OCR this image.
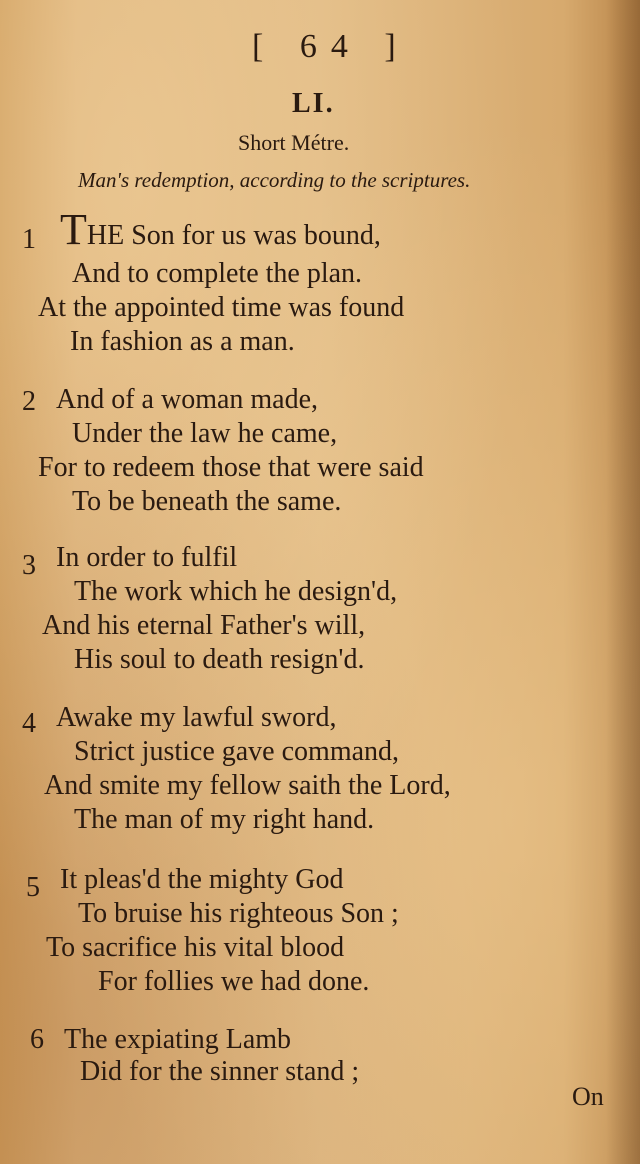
[ 64 ]
LI.
Short Métre.
Man's redemption, according to the scriptures.
1 THE Son for us was bound,
And to complete the plan.
At the appointed time was found
In fashion as a man.
2 And of a woman made,
Under the law he came,
For to redeem those that were said
To be beneath the same.
3 In order to fulfil
The work which he design'd,
And his eternal Father's will,
His soul to death resign'd.
4 Awake my lawful sword,
Strict justice gave command,
And smite my fellow saith the Lord,
The man of my right hand.
5 It pleas'd the mighty God
To bruise his righteous Son ;
To sacrifice his vital blood
For follies we had done.
6 The expiating Lamb
Did for the sinner stand ;
On
